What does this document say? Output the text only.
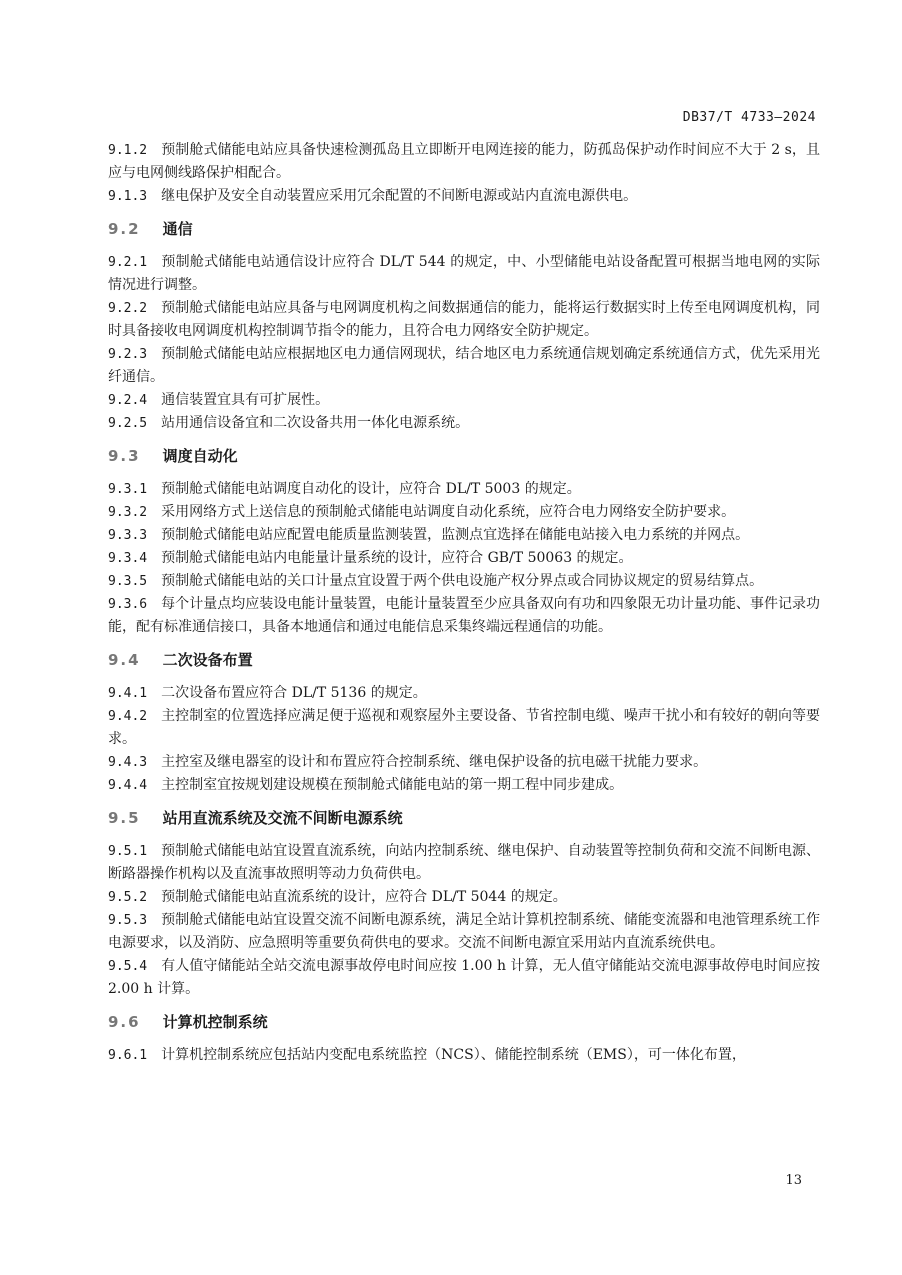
DB37/T 4733—2024

9.1.2 预制舱式储能电站应具备快速检测孤岛且立即断开电网连接的能力，防孤岛保护动作时间应不大于 2 s，且应与电网侧线路保护相配合。

9.1.3 继电保护及安全自动装置应采用冗余配置的不间断电源或站内直流电源供电。

9.2 通信

9.2.1 预制舱式储能电站通信设计应符合 DL/T 544 的规定，中、小型储能电站设备配置可根据当地电网的实际情况进行调整。

9.2.2 预制舱式储能电站应具备与电网调度机构之间数据通信的能力，能将运行数据实时上传至电网调度机构，同时具备接收电网调度机构控制调节指令的能力，且符合电力网络安全防护规定。

9.2.3 预制舱式储能电站应根据地区电力通信网现状，结合地区电力系统通信规划确定系统通信方式，优先采用光纤通信。

9.2.4 通信装置宜具有可扩展性。

9.2.5 站用通信设备宜和二次设备共用一体化电源系统。

9.3 调度自动化

9.3.1 预制舱式储能电站调度自动化的设计，应符合 DL/T 5003 的规定。

9.3.2 采用网络方式上送信息的预制舱式储能电站调度自动化系统，应符合电力网络安全防护要求。

9.3.3 预制舱式储能电站应配置电能质量监测装置，监测点宜选择在储能电站接入电力系统的并网点。

9.3.4 预制舱式储能电站内电能量计量系统的设计，应符合 GB/T 50063 的规定。

9.3.5 预制舱式储能电站的关口计量点宜设置于两个供电设施产权分界点或合同协议规定的贸易结算点。

9.3.6 每个计量点均应装设电能计量装置，电能计量装置至少应具备双向有功和四象限无功计量功能、事件记录功能，配有标准通信接口，具备本地通信和通过电能信息采集终端远程通信的功能。

9.4 二次设备布置

9.4.1 二次设备布置应符合 DL/T 5136 的规定。

9.4.2 主控制室的位置选择应满足便于巡视和观察屋外主要设备、节省控制电缆、噪声干扰小和有较好的朝向等要求。

9.4.3 主控室及继电器室的设计和布置应符合控制系统、继电保护设备的抗电磁干扰能力要求。

9.4.4 主控制室宜按规划建设规模在预制舱式储能电站的第一期工程中同步建成。

9.5 站用直流系统及交流不间断电源系统

9.5.1 预制舱式储能电站宜设置直流系统，向站内控制系统、继电保护、自动装置等控制负荷和交流不间断电源、断路器操作机构以及直流事故照明等动力负荷供电。

9.5.2 预制舱式储能电站直流系统的设计，应符合 DL/T 5044 的规定。

9.5.3 预制舱式储能电站宜设置交流不间断电源系统，满足全站计算机控制系统、储能变流器和电池管理系统工作电源要求，以及消防、应急照明等重要负荷供电的要求。交流不间断电源宜采用站内直流系统供电。

9.5.4 有人值守储能站全站交流电源事故停电时间应按 1.00 h 计算，无人值守储能站交流电源事故停电时间应按 2.00 h 计算。

9.6 计算机控制系统

9.6.1 计算机控制系统应包括站内变配电系统监控（NCS）、储能控制系统（EMS），可一体化布置，

13
